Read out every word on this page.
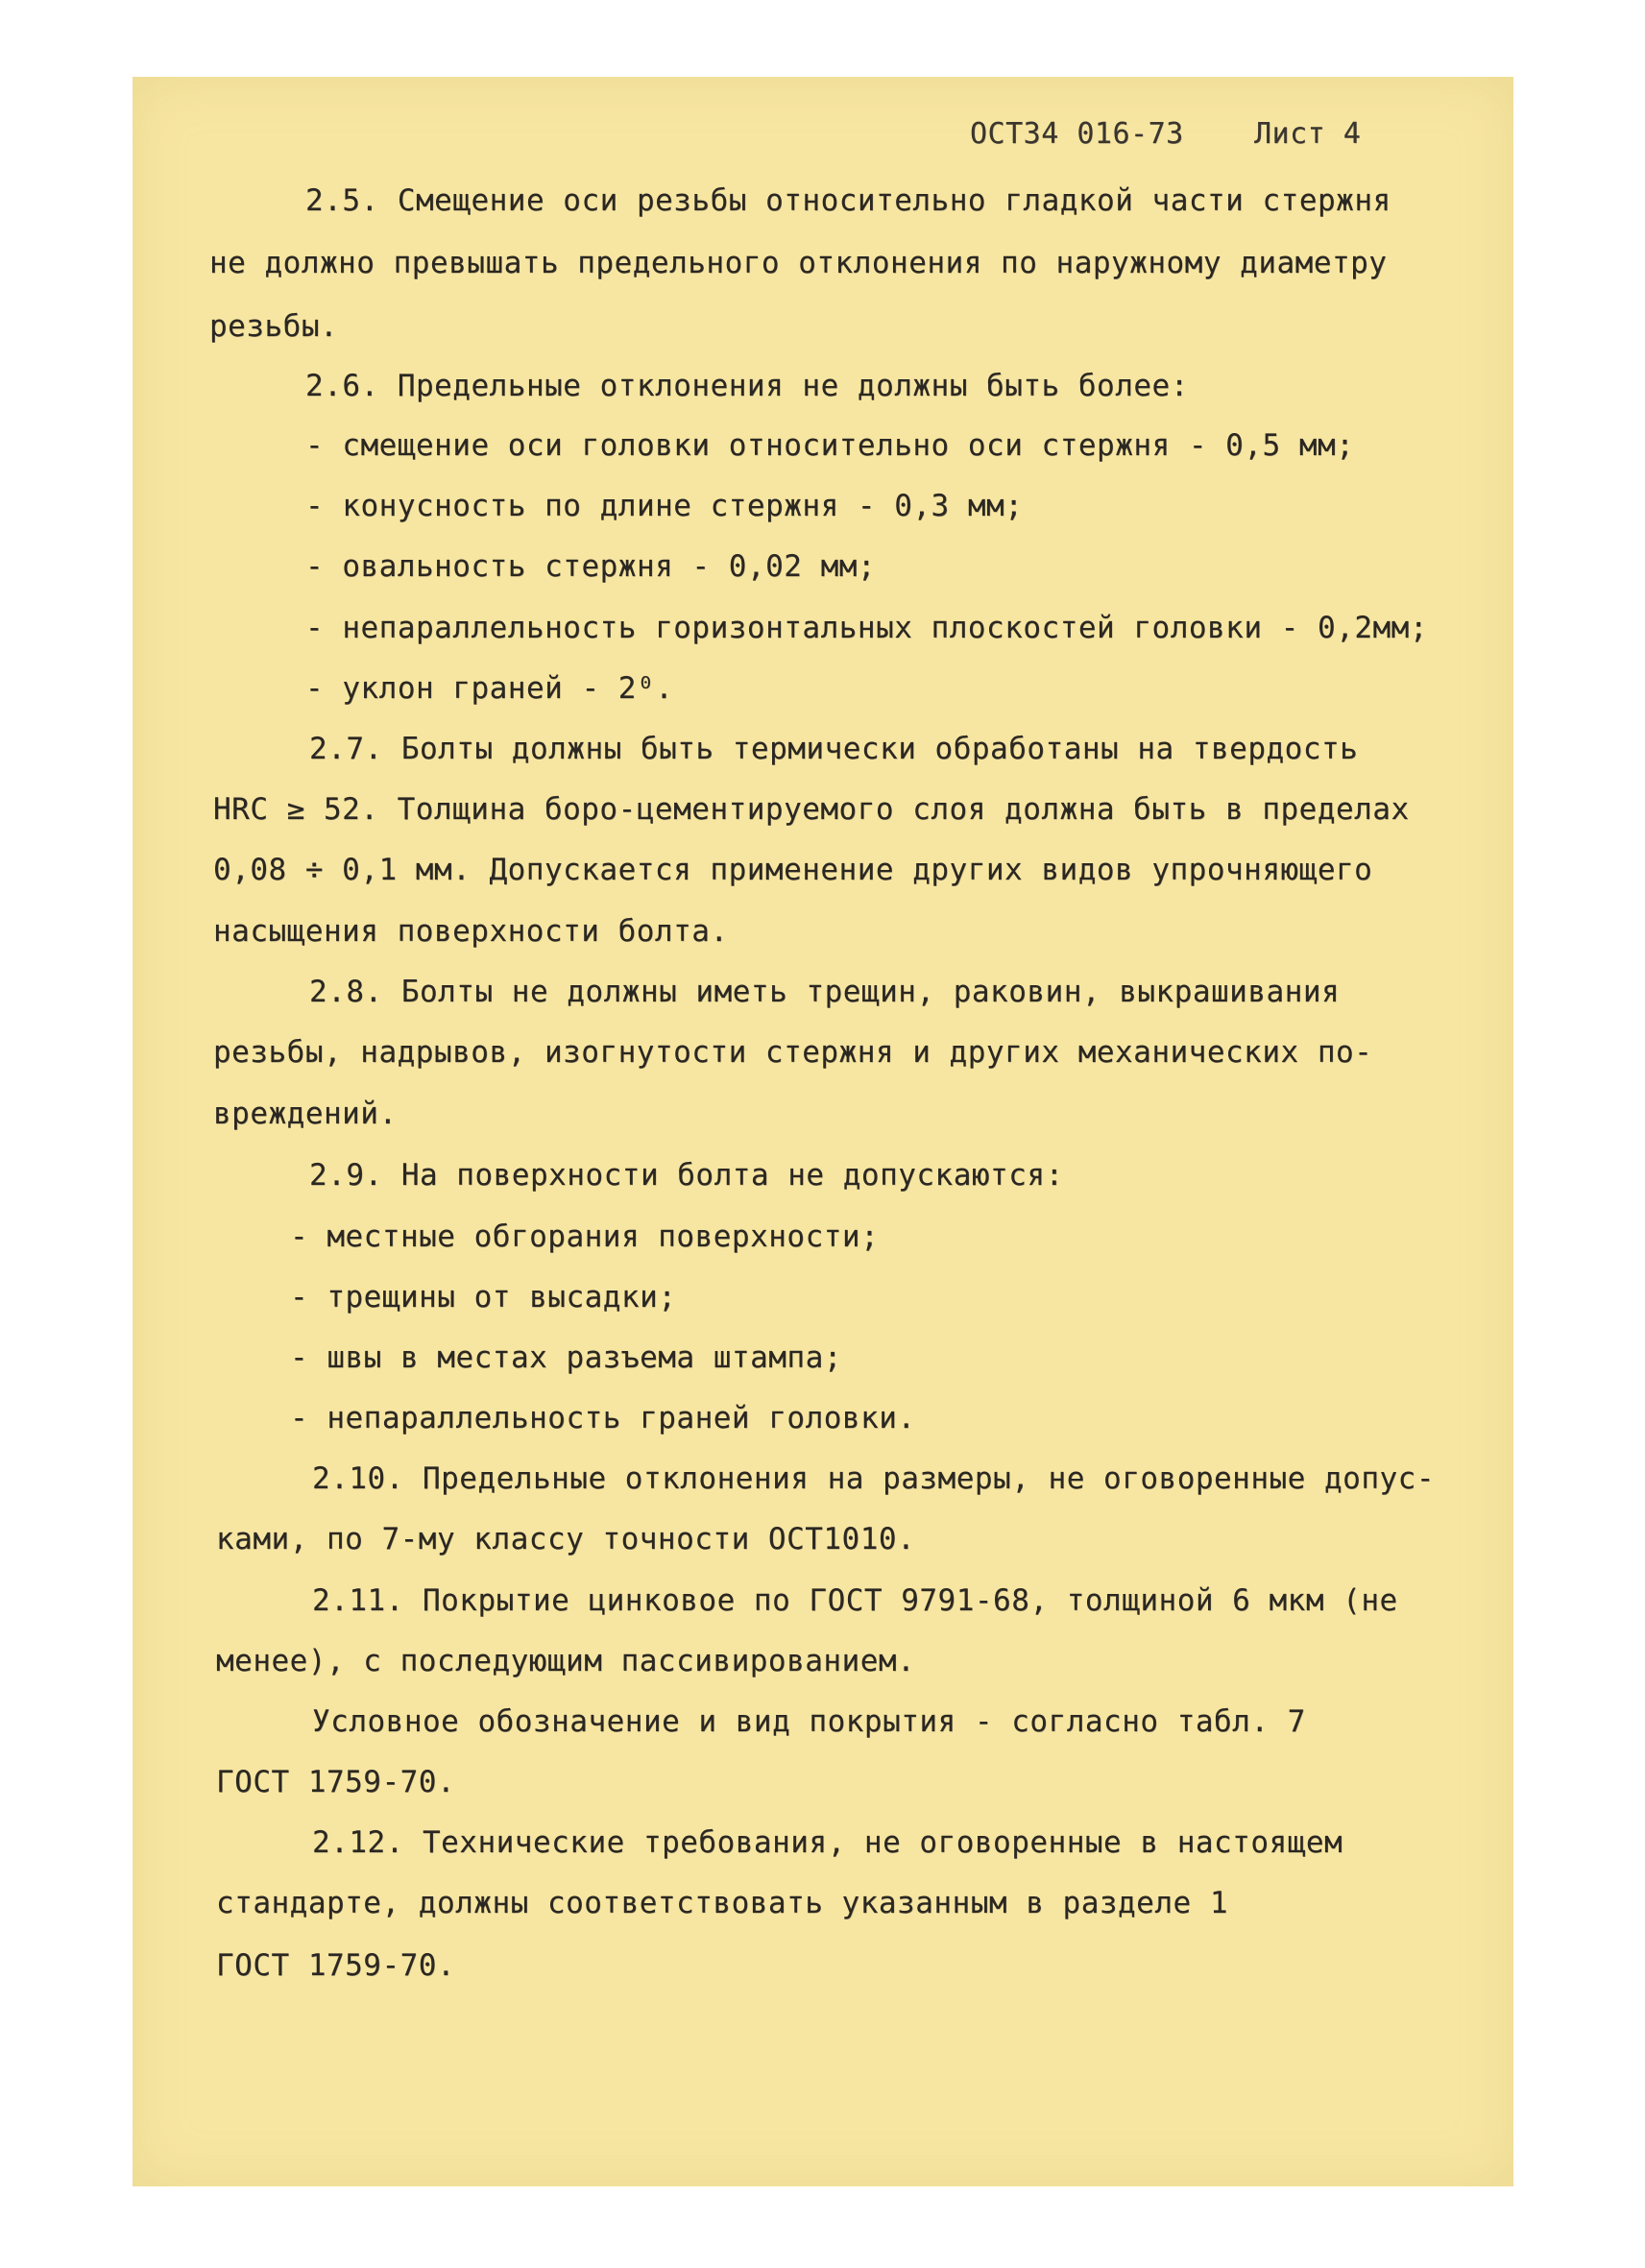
ОСТ34 016-73 Лист 4
2.5. Смещение оси резьбы относительно гладкой части стержня
не должно превышать предельного отклонения по наружному диаметру
резьбы.
2.6. Предельные отклонения не должны быть более:
- смещение оси головки относительно оси стержня - 0,5 мм;
- конусность по длине стержня - 0,3 мм;
- овальность стержня - 0,02 мм;
- непараллельность горизонтальных плоскостей головки - 0,2мм;
- уклон граней - 2⁰.
2.7. Болты должны быть термически обработаны на твердость
HRC ≥ 52. Толщина боро-цементируемого слоя должна быть в пределах
0,08 ÷ 0,1 мм. Допускается применение других видов упрочняющего
насыщения поверхности болта.
2.8. Болты не должны иметь трещин, раковин, выкрашивания
резьбы, надрывов, изогнутости стержня и других механических по-
вреждений.
2.9. На поверхности болта не допускаются:
- местные обгорания поверхности;
- трещины от высадки;
- швы в местах разъема штампа;
- непараллельность граней головки.
2.10. Предельные отклонения на размеры, не оговоренные допус-
ками, по 7-му классу точности ОСТ1010.
2.11. Покрытие цинковое по ГОСТ 9791-68, толщиной 6 мкм (не
менее), с последующим пассивированием.
Условное обозначение и вид покрытия - согласно табл. 7
ГОСТ 1759-70.
2.12. Технические требования, не оговоренные в настоящем
стандарте, должны соответствовать указанным в разделе 1
ГОСТ 1759-70.
